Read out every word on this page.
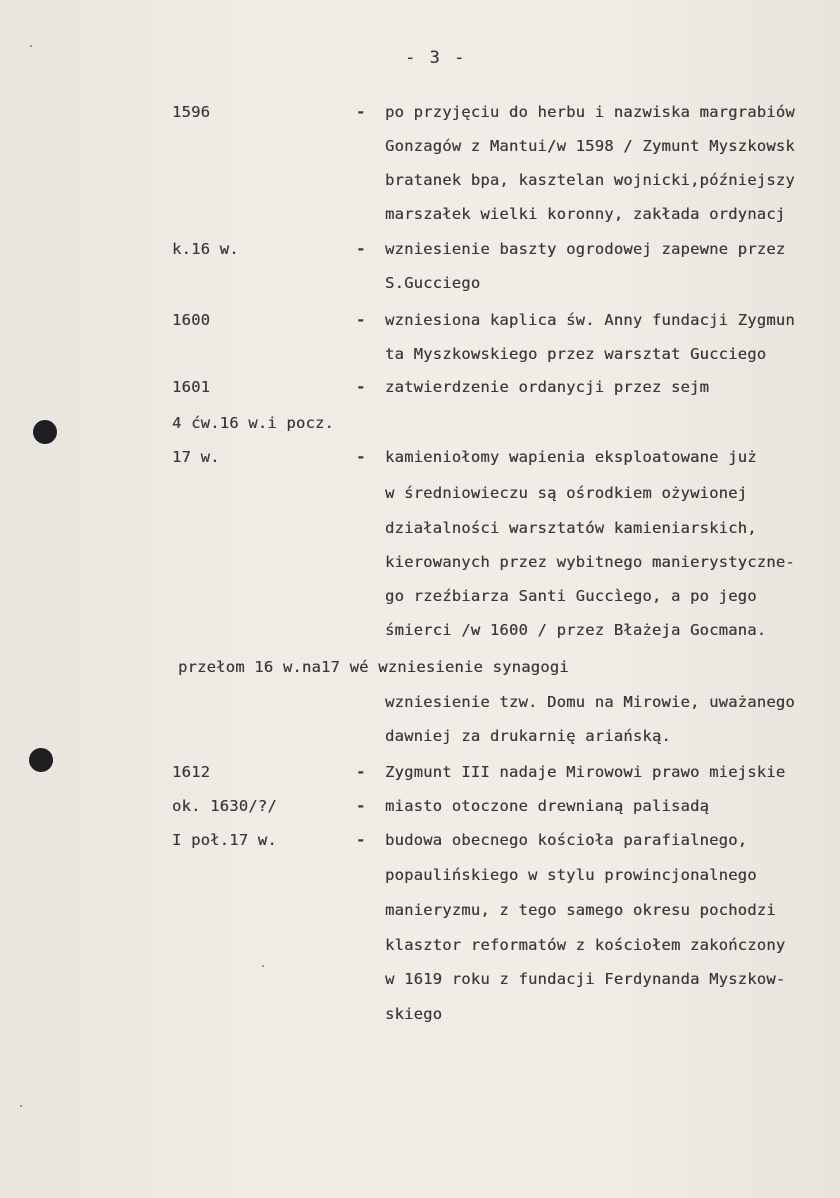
- 3 -
1596	- po przyjęciu do herbu i nazwiska margrabiów
Gonzagów z Mantui/w 1598 / Zymunt Myszkowsk
bratanek bpa, kasztelan wojnicki,późniejszy
marszałek wielki koronny, zakłada ordynacj
k.16 w.	- wzniesienie baszty ogrodowej zapewne przez
S.Gucciego
1600	- wzniesiona kaplica św. Anny fundacji Zygmun
ta Myszkowskiego przez warsztat Gucciego
1601	- zatwierdzenie ordanycji przez sejm
4 ćw.16 w.i pocz.
17 w.	- kamieniołomy wapienia eksploatowane już
w średniowieczu są ośrodkiem ożywionej
działalności warsztatów kamieniarskich,
kierowanych przez wybitnego manierystyczne-
go rzeźbiarza Santi Guccìego, a po jego
śmierci /w 1600 / przez Błażeja Gocmana.
przełom 16 w.na17 wé wzniesienie synagogi
wzniesienie tzw. Domu na Mirowie, uważanego
dawniej za drukarnię ariańską.
1612	- Zygmunt III nadaje Mirowowi prawo miejskie
ok. 1630/?/	- miasto otoczone drewnianą palisadą
I poł.17 w.	- budowa obecnego kościoła parafialnego,
popaulińskiego w stylu prowincjonalnego
manieryzmu, z tego samego okresu pochodzi
klasztor reformatów z kościołem zakończony
w 1619 roku z fundacji Ferdynanda Myszkow-
skiego
